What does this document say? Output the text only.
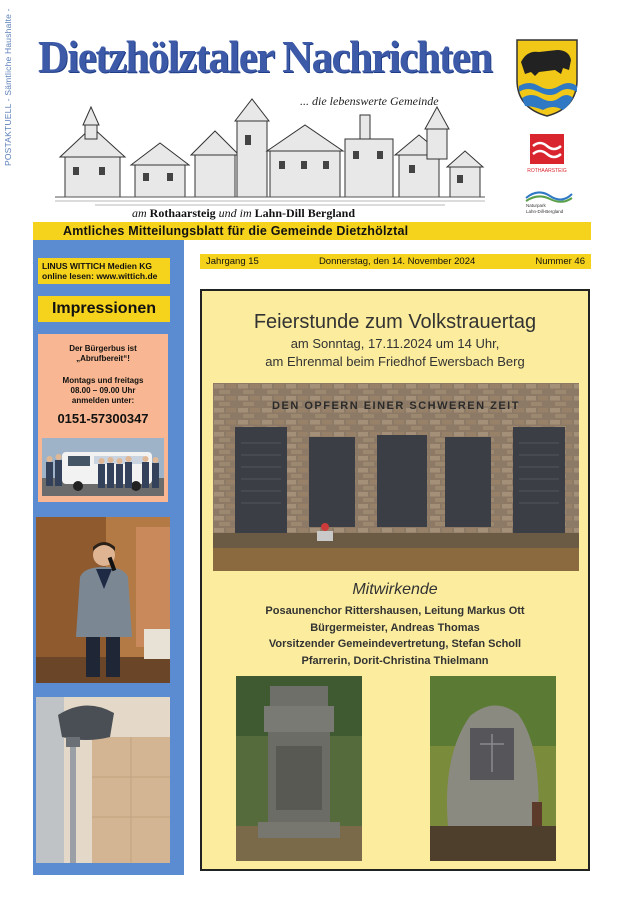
POSTAKTUELL - Sämtliche Haushalte - Dietzhölztaler Nachrichten
... die lebenswerte Gemeinde
am Rothaarsteig und im Lahn-Dill Bergland
ROTHAARSTEIG
Naturpark
Lahn-Dill-Bergland
Amtliches Mitteilungsblatt für die Gemeinde Dietzhölztal
LINUS WITTICH Medien KG
online lesen: www.wittich.de
Impressionen
Der Bürgerbus ist
„Abrufbereit“!
Montags und freitags
08.00 – 09.00 Uhr
anmelden unter:
0151-57300347
Jahrgang 15	Donnerstag, den 14. November 2024	Nummer 46
Feierstunde zum Volkstrauertag
am Sonntag, 17.11.2024 um 14 Uhr,
am Ehrenmal beim Friedhof Ewersbach Berg
DEN OPFERN EINER SCHWEREN ZEIT
Mitwirkende
Posaunenchor Rittershausen, Leitung Markus Ott
Bürgermeister, Andreas Thomas
Vorsitzender Gemeindevertretung, Stefan Scholl
Pfarrerin, Dorit-Christina Thielmann
